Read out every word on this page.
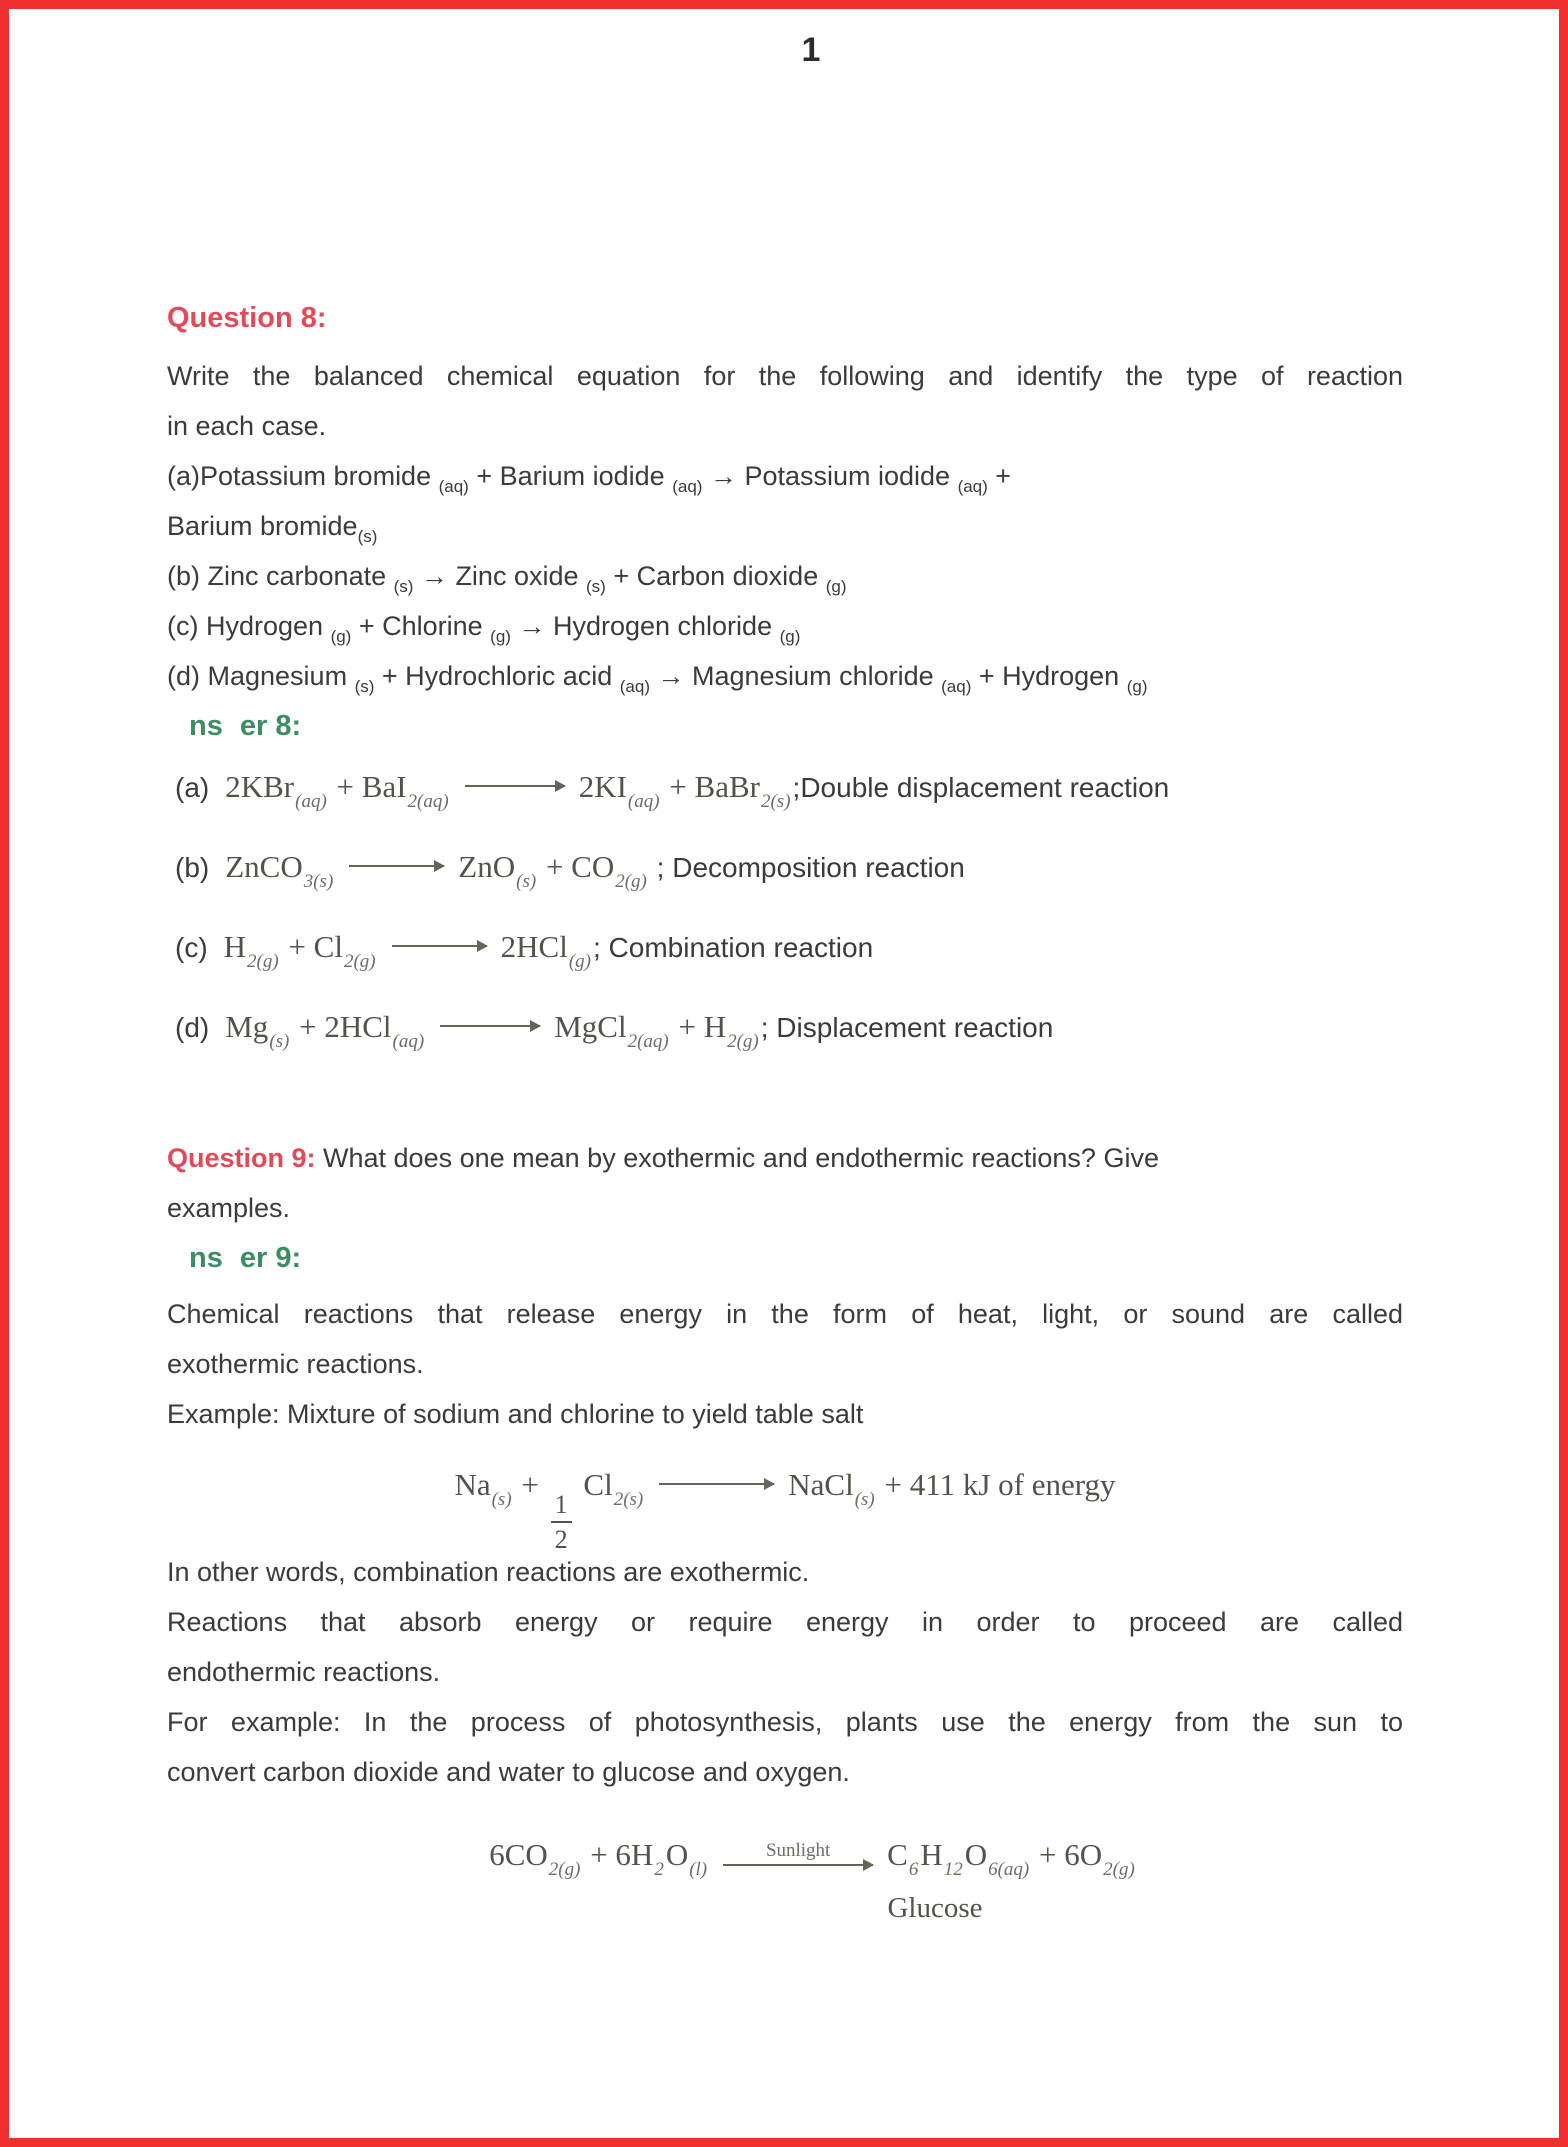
1
Question 8:
Write the balanced chemical equation for the following and identify the type of reaction
in each case.
(a)Potassium bromide $_{(aq)}$ + Barium iodide $_{(aq)}$ → Potassium iodide $_{(aq)}$ +
Barium bromide$_{(s)}$
(b) Zinc carbonate $_{(s)}$ → Zinc oxide $_{(s)}$ + Carbon dioxide $_{(g)}$
(c) Hydrogen $_{(g)}$ + Chlorine $_{(g)}$ → Hydrogen chloride $_{(g)}$
(d) Magnesium $_{(s)}$ + Hydrochloric acid $_{(aq)}$ → Magnesium chloride $_{(aq)}$ + Hydrogen $_{(g)}$
ns er 8:
(a) $2KBr_{(aq)} + BaI_{2(aq)} \to 2KI_{(aq)}$ + BaBr$_{2(s)}$;Double displacement reaction
(b) ZnCO$_{3(s)}$ → $ZnO_{(s)} + CO_{2(g)}$ ; Decomposition reaction
(c) $H_{2(g)} + Cl_{2(g)} \to 2HCl_{(g)}$; Combination reaction
(d) $Mg_{(s)} + 2HCl_{(aq)}$ → MgCl$_{2(aq)}$ + $H_{2(g)}$; Displacement reaction
Question 9: What does one mean by exothermic and endothermic reactions? Give
examples.
ns er 9:
Chemical reactions that release energy in the form of heat, light, or sound are called
exothermic reactions.
Example: Mixture of sodium and chlorine to yield table salt
$Na_{(s)}$ +
$\frac{1}{2}$
$Cl_{2(s)}$ → NaCl$_{(s)}$ + 411 kJ of energy
In other words, combination reactions are exothermic.
Reactions that absorb energy or require energy in order to proceed are called
endothermic reactions.
For example: In the process of photosynthesis, plants use the energy from the sun to
convert carbon dioxide and water to glucose and oxygen.
$6CO_{2(g)} + 6H_2O_{(l)}$
Sunlight $C_6H_{12}O_{6(aq)} + 6O_{2(g)}$
Glucose
